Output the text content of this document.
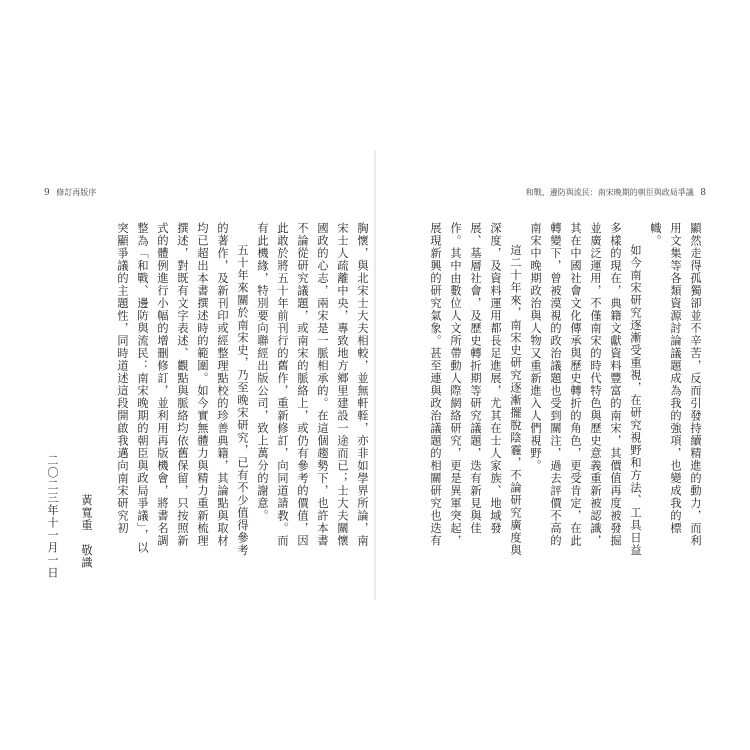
9 修訂再版序

胸懷，與北宋士大夫相較，並無軒輊，亦非如學界所論，南宋士人疏離中央，專致地方鄉里建設一途而已；士大夫關懷國政的心志，兩宋是一脈相承的。在這個趨勢下，也許本書不論從研究議題，或南宋的脈絡上，或仍有參考的價值，因此敢於將五十年前刊行的舊作，重新修訂，向同道請教。而有此機緣，特別要向聯經出版公司，致上萬分的謝意。

五十年來關於南宋史，乃至晚宋研究，已有不少值得參考的著作，及新刊印或經整理點校的珍善典籍，其論點與取材均已超出本書撰述時的範圍。如今實無體力與精力重新梳理撰述，對既有文字表述、觀點與脈絡均依舊保留，只按照新式的體例進行小幅的增刪修訂，並利用再版機會，將書名調整為「和戰、邊防與流民：南宋晚期的朝臣與政局爭議」，以突顯爭議的主題性，同時道述這段開啟我邁向南宋研究初

黃寬重　敬識
二〇二三年十一月一日
和戰、邊防與流民：南宋晚期的朝臣與政局爭議 8

顯然走得孤獨卻並不辛苦，反而引發持續精進的動力，而利用文集等各類資源討論議題成為我的強項，也變成我的標幟。

如今南宋研究逐漸受重視，在研究視野和方法、工具日益多樣的現在，典籍文獻資料豐富的南宋，其價值再度被發掘並廣泛運用，不僅南宋的時代特色與歷史意義重新被認識，其在中國社會文化傳承與歷史轉折的角色，更受肯定，在此轉變下，曾被漠視的政治議題也受到關注，過去評價不高的南宋中晚期政治與人物又重新進入人們視野。

這二十年來，南宋史研究逐漸擺脫陰霾，不論研究廣度與深度，及資料運用都長足進展，尤其在士人家族、地域發展、基層社會，及歷史轉折期等研究議題，迭有新見與佳作。其中由數位人文所帶動人際網絡研究，更是異軍突起，展現新興的研究氣象。甚至連與政治議題的相關研究也迭有
